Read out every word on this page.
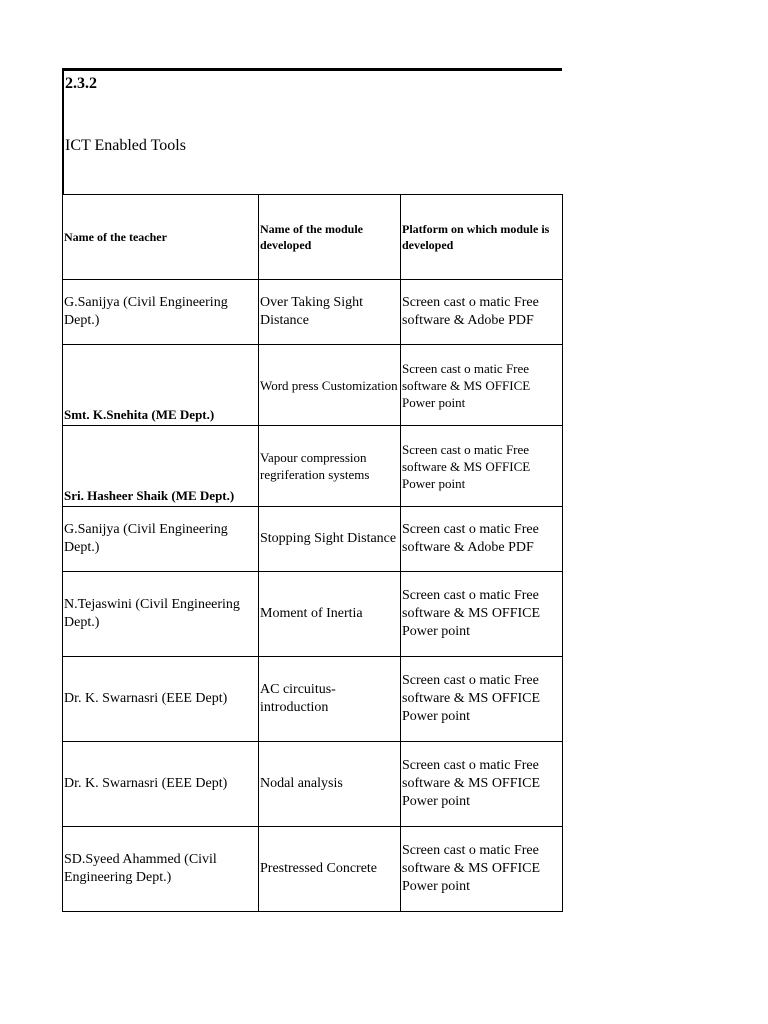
2.3.2
ICT Enabled Tools
Name of the teacher	Name of the module developed	Platform on which module is developed
G.Sanijya (Civil Engineering Dept.)	Over Taking Sight Distance	Screen cast o matic Free software & Adobe PDF
Smt. K.Snehita (ME Dept.)	Word press Customization	Screen cast o matic Free software & MS OFFICE Power point
Sri. Hasheer Shaik (ME Dept.)	Vapour compression regriferation systems	Screen cast o matic Free software & MS OFFICE Power point
G.Sanijya (Civil Engineering Dept.)	Stopping Sight Distance	Screen cast o matic Free software & Adobe PDF
N.Tejaswini (Civil Engineering Dept.)	Moment of Inertia	Screen cast o matic Free software & MS OFFICE Power point
Dr. K. Swarnasri (EEE Dept)	AC circuitus-introduction	Screen cast o matic Free software & MS OFFICE Power point
Dr. K. Swarnasri (EEE Dept)	Nodal analysis	Screen cast o matic Free software & MS OFFICE Power point
SD.Syeed Ahammed (Civil Engineering Dept.)	Prestressed Concrete	Screen cast o matic Free software & MS OFFICE Power point
